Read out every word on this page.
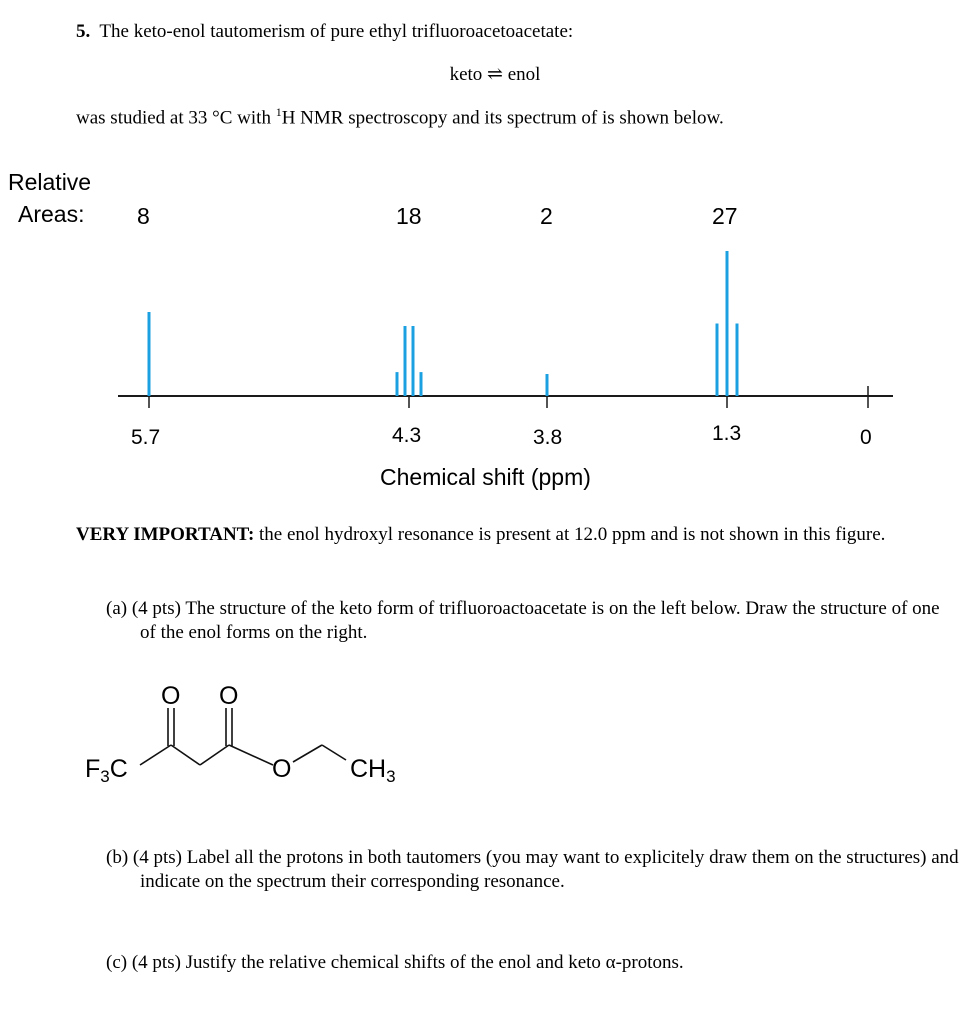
5. The keto-enol tautomerism of pure ethyl trifluoroacetoacetate:
keto ⇌ enol
was studied at 33 °C with $^1$H NMR spectroscopy and its spectrum of is shown below.
Relative
Areas: 8	18	2	27
5.7	4.3	3.8	1.3	0
Chemical shift (ppm)
VERY IMPORTANT: the enol hydroxyl resonance is present at 12.0 ppm and is not shown in this figure.
(a) (4 pts) The structure of the keto form of trifluoroactoacetate is on the left below. Draw the structure of one of the enol forms on the right.
O O
O
$F_3C$	$CH_3$
(b) (4 pts) Label all the protons in both tautomers (you may want to explicitely draw them on the structures) and indicate on the spectrum their corresponding resonance.
(c) (4 pts) Justify the relative chemical shifts of the enol and keto α-protons.
